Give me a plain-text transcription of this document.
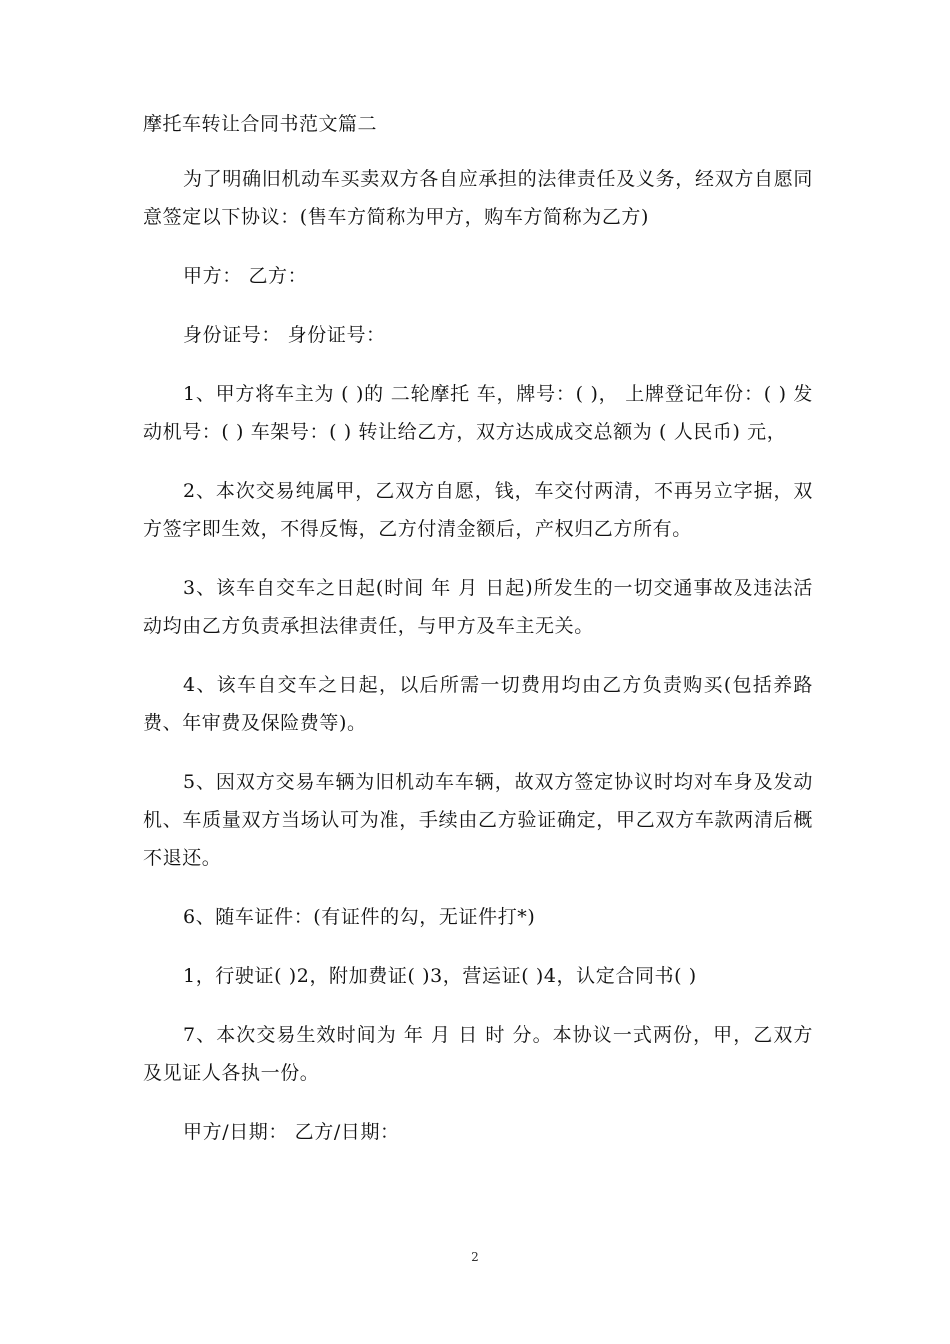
摩托车转让合同书范文篇二
为了明确旧机动车买卖双方各自应承担的法律责任及义务，经双方自愿同意签定以下协议：(售车方简称为甲方，购车方简称为乙方)
甲方： 乙方：
身份证号： 身份证号：
1、甲方将车主为 ( )的 二轮摩托 车，牌号：( )， 上牌登记年份：( ) 发动机号：( ) 车架号：( ) 转让给乙方，双方达成成交总额为 ( 人民币) 元，
2、本次交易纯属甲，乙双方自愿，钱，车交付两清，不再另立字据，双方签字即生效，不得反悔，乙方付清金额后，产权归乙方所有。
3、该车自交车之日起(时间 年 月 日起)所发生的一切交通事故及违法活动均由乙方负责承担法律责任，与甲方及车主无关。
4、该车自交车之日起，以后所需一切费用均由乙方负责购买(包括养路费、年审费及保险费等)。
5、因双方交易车辆为旧机动车车辆，故双方签定协议时均对车身及发动机、车质量双方当场认可为准，手续由乙方验证确定，甲乙双方车款两清后概不退还。
6、随车证件：(有证件的勾，无证件打*)
1，行驶证( )2，附加费证( )3，营运证( )4，认定合同书( )
7、本次交易生效时间为 年 月 日 时 分。本协议一式两份，甲，乙双方及见证人各执一份。
甲方/日期： 乙方/日期：
2
